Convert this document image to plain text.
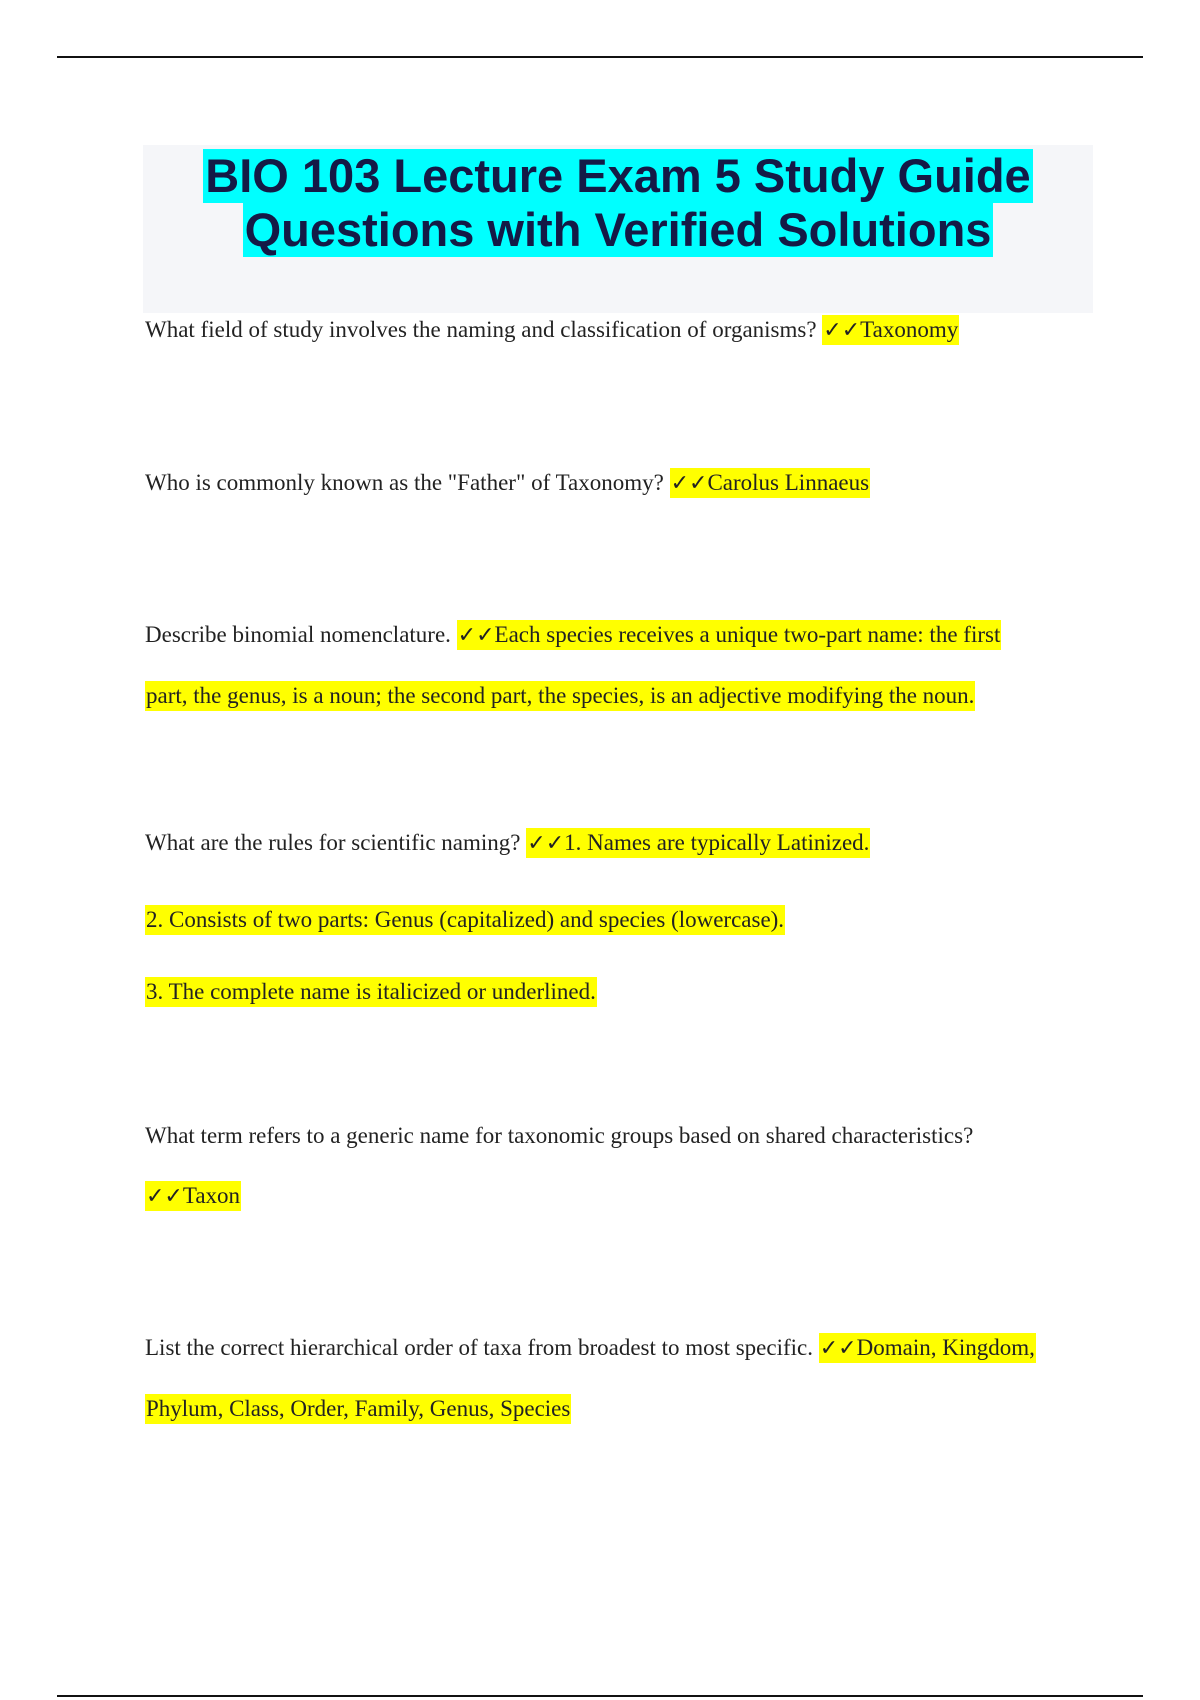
BIO 103 Lecture Exam 5 Study Guide
Questions with Verified Solutions
What field of study involves the naming and classification of organisms? ✓✓Taxonomy
Who is commonly known as the "Father" of Taxonomy? ✓✓Carolus Linnaeus
Describe binomial nomenclature. ✓✓Each species receives a unique two-part name: the first
part, the genus, is a noun; the second part, the species, is an adjective modifying the noun.
What are the rules for scientific naming? ✓✓1. Names are typically Latinized.
2. Consists of two parts: Genus (capitalized) and species (lowercase).
3. The complete name is italicized or underlined.
What term refers to a generic name for taxonomic groups based on shared characteristics?
✓✓Taxon
List the correct hierarchical order of taxa from broadest to most specific. ✓✓Domain, Kingdom,
Phylum, Class, Order, Family, Genus, Species
